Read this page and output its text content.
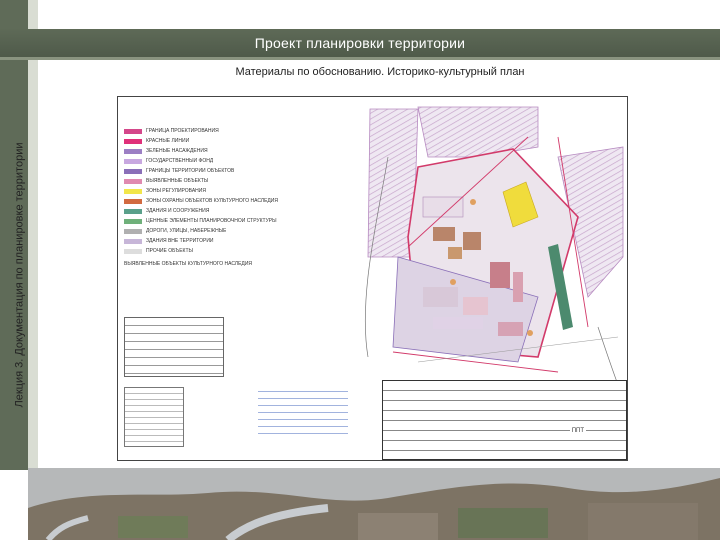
Проект планировки территории
Материалы по обоснованию. Историко-культурный план
Лекция 3. Документация по планировке территории
ГРАНИЦА ПРОЕКТИРОВАНИЯ
КРАСНЫЕ ЛИНИИ
ЗЕЛЕНЫЕ НАСАЖДЕНИЯ
ГОСУДАРСТВЕННЫЙ ФОНД
ГРАНИЦЫ ТЕРРИТОРИЙ ОБЪЕКТОВ
ВЫЯВЛЕННЫЕ ОБЪЕКТЫ
ЗОНЫ РЕГУЛИРОВАНИЯ
ЗОНЫ ОХРАНЫ ОБЪЕКТОВ КУЛЬТУРНОГО НАСЛЕДИЯ
ЗДАНИЯ И СООРУЖЕНИЯ
ЦЕННЫЕ ЭЛЕМЕНТЫ ПЛАНИРОВОЧНОЙ СТРУКТУРЫ
ДОРОГИ, УЛИЦЫ, НАБЕРЕЖНЫЕ
ЗДАНИЯ ВНЕ ТЕРРИТОРИИ
ПРОЧИЕ ОБЪЕКТЫ
ВЫЯВЛЕННЫЕ ОБЪЕКТЫ КУЛЬТУРНОГО НАСЛЕДИЯ
ППТ
